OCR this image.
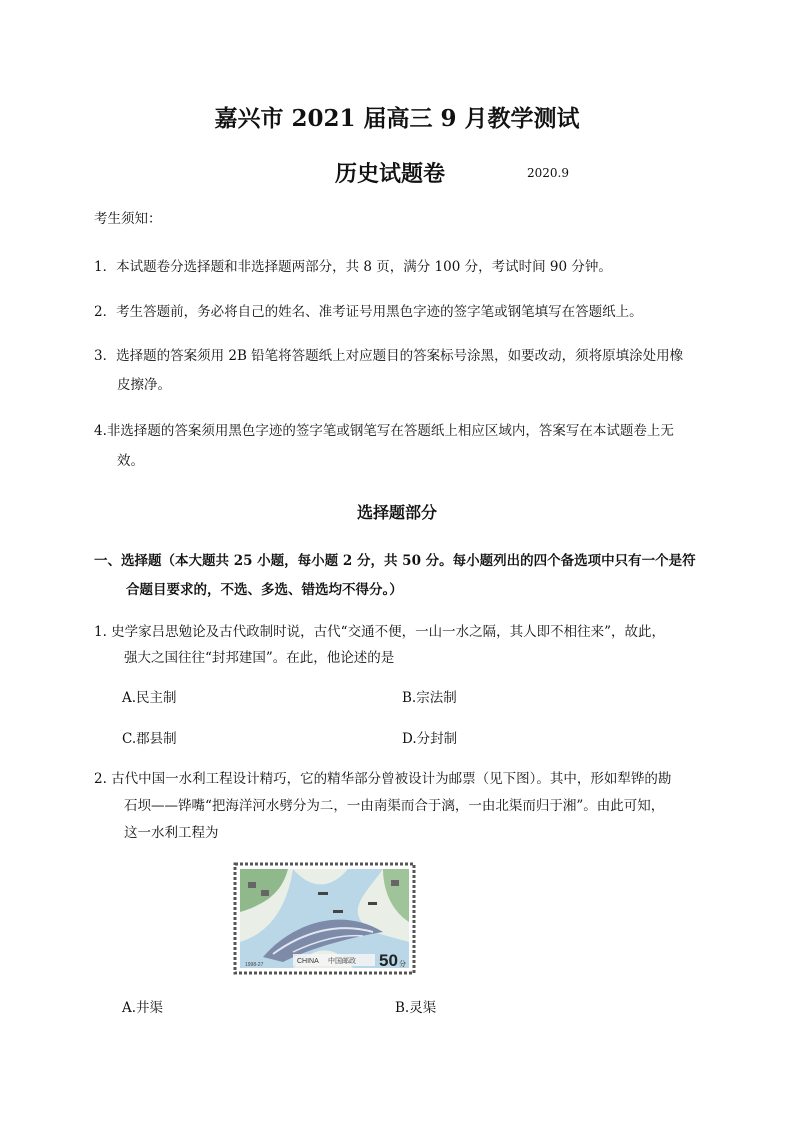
嘉兴市 2021 届高三 9 月教学测试
历史试题卷	2020.9
考生须知：
1．本试题卷分选择题和非选择题两部分，共 8 页，满分 100 分，考试时间 90 分钟。
2．考生答题前，务必将自己的姓名、准考证号用黑色字迹的签字笔或钢笔填写在答题纸上。
3．选择题的答案须用 2B 铅笔将答题纸上对应题目的答案标号涂黑，如要改动，须将原填涂处用橡
皮擦净。
4.非选择题的答案须用黑色字迹的签字笔或钢笔写在答题纸上相应区域内，答案写在本试题卷上无
效。
选择题部分
一、选择题（本大题共 25 小题，每小题 2 分，共 50 分。每小题列出的四个备选项中只有一个是符
合题目要求的，不选、多选、错选均不得分。）
1. 史学家吕思勉论及古代政制时说，古代“交通不便，一山一水之隔，其人即不相往来”，故此，
强大之国往往“封邦建国”。在此，他论述的是
A.民主制	B.宗法制
C.郡县制	D.分封制
2. 古代中国一水利工程设计精巧，它的精华部分曾被设计为邮票（见下图）。其中，形如犁铧的勘
石坝——铧嘴“把海洋河水劈分为二，一由南渠而合于漓，一由北渠而归于湘”。由此可知，
这一水利工程为
CHINA 中国邮政 50 分
1998-27
A.井渠	B.灵渠
